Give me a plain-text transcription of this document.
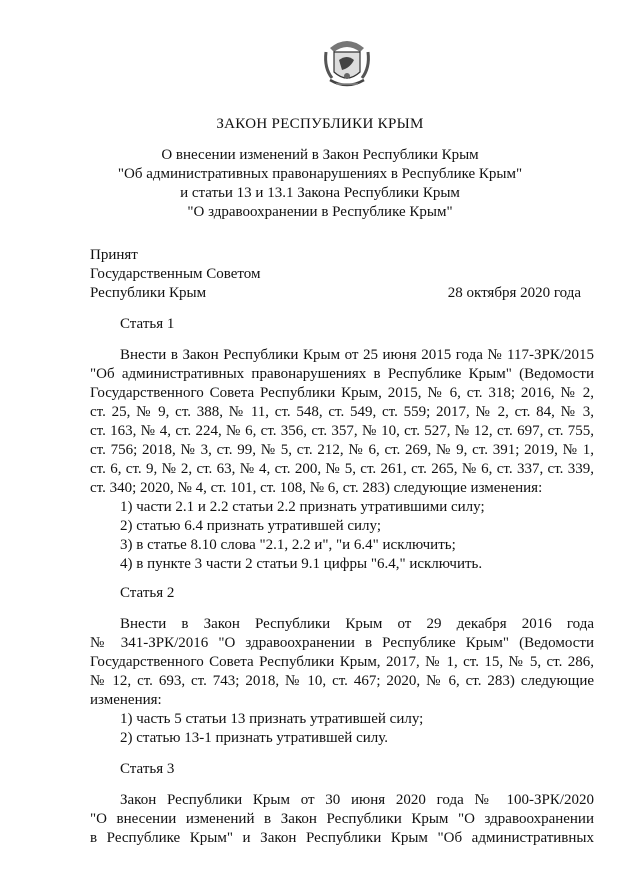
ЗАКОН РЕСПУБЛИКИ КРЫМ
О внесении изменений в Закон Республики Крым
"Об административных правонарушениях в Республике Крым"
и статьи 13 и 13.1 Закона Республики Крым
"О здравоохранении в Республике Крым"
Принят
Государственным Советом
Республики Крым	28 октября 2020 года
Статья 1
Внести в Закон Республики Крым от 25 июня 2015 года № 117-ЗРК/2015
"Об административных правонарушениях в Республике Крым" (Ведомости
Государственного Совета Республики Крым, 2015, № 6, ст. 318; 2016, № 2,
ст. 25, № 9, ст. 388, № 11, ст. 548, ст. 549, ст. 559; 2017, № 2, ст. 84, № 3,
ст. 163, № 4, ст. 224, № 6, ст. 356, ст. 357, № 10, ст. 527, № 12, ст. 697, ст. 755,
ст. 756; 2018, № 3, ст. 99, № 5, ст. 212, № 6, ст. 269, № 9, ст. 391; 2019, № 1,
ст. 6, ст. 9, № 2, ст. 63, № 4, ст. 200, № 5, ст. 261, ст. 265, № 6, ст. 337, ст. 339,
ст. 340; 2020, № 4, ст. 101, ст. 108, № 6, ст. 283) следующие изменения:
1) части 2.1 и 2.2 статьи 2.2 признать утратившими силу;
2) статью 6.4 признать утратившей силу;
3) в статье 8.10 слова "2.1, 2.2 и", "и 6.4" исключить;
4) в пункте 3 части 2 статьи 9.1 цифры "6.4," исключить.
Статья 2
Внести в Закон Республики Крым от 29 декабря 2016 года
№ 341-ЗРК/2016 "О здравоохранении в Республике Крым" (Ведомости
Государственного Совета Республики Крым, 2017, № 1, ст. 15, № 5, ст. 286,
№ 12, ст. 693, ст. 743; 2018, № 10, ст. 467; 2020, № 6, ст. 283) следующие
изменения:
1) часть 5 статьи 13 признать утратившей силу;
2) статью 13-1 признать утратившей силу.
Статья 3
Закон Республики Крым от 30 июня 2020 года № 100-ЗРК/2020
"О внесении изменений в Закон Республики Крым "О здравоохранении
в Республике Крым" и Закон Республики Крым "Об административных
